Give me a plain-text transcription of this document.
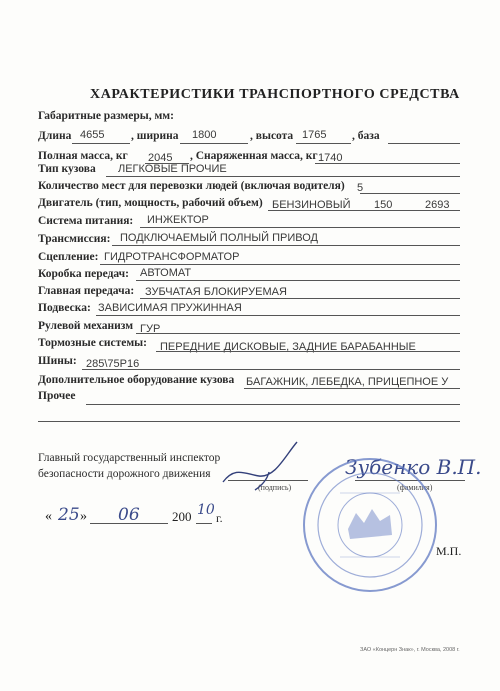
ХАРАКТЕРИСТИКИ ТРАНСПОРТНОГО СРЕДСТВА
Габаритные размеры, мм:
Длина 4655 , ширина 1800	, высота 1765 , база
Полная масса, кг 2045 , Снаряженная масса, кг 1740
Тип кузова ЛЕГКОВЫЕ ПРОЧИЕ
Количество мест для перевозки людей (включая водителя) 5
Двигатель (тип, мощность, рабочий объем) БЕНЗИНОВЫЙ 150	2693
Система питания: ИНЖЕКТОР
Трансмиссия: ПОДКЛЮЧАЕМЫЙ ПОЛНЫЙ ПРИВОД
Сцепление: ГИДРОТРАНСФОРМАТОР
Коробка передач: АВТОМАТ
Главная передача: ЗУБЧАТАЯ БЛОКИРУЕМАЯ
Подвеска: ЗАВИСИМАЯ ПРУЖИННАЯ
Рулевой механизм ГУР
Тормозные системы: ПЕРЕДНИЕ ДИСКОВЫЕ, ЗАДНИЕ БАРАБАННЫЕ
Шины: 285\75Р16
Дополнительное оборудование кузова БАГАЖНИК, ЛЕБЕДКА, ПРИЦЕПНОЕ У
Прочее
Главный государственный инспектор
безопасности дорожного движения
(подпись)	(фамилия)
Зубенко В.П.
« 25 » 06 200 10 г.
М.П.
ЗАО «Концерн Знак», г. Москва, 2008 г.
